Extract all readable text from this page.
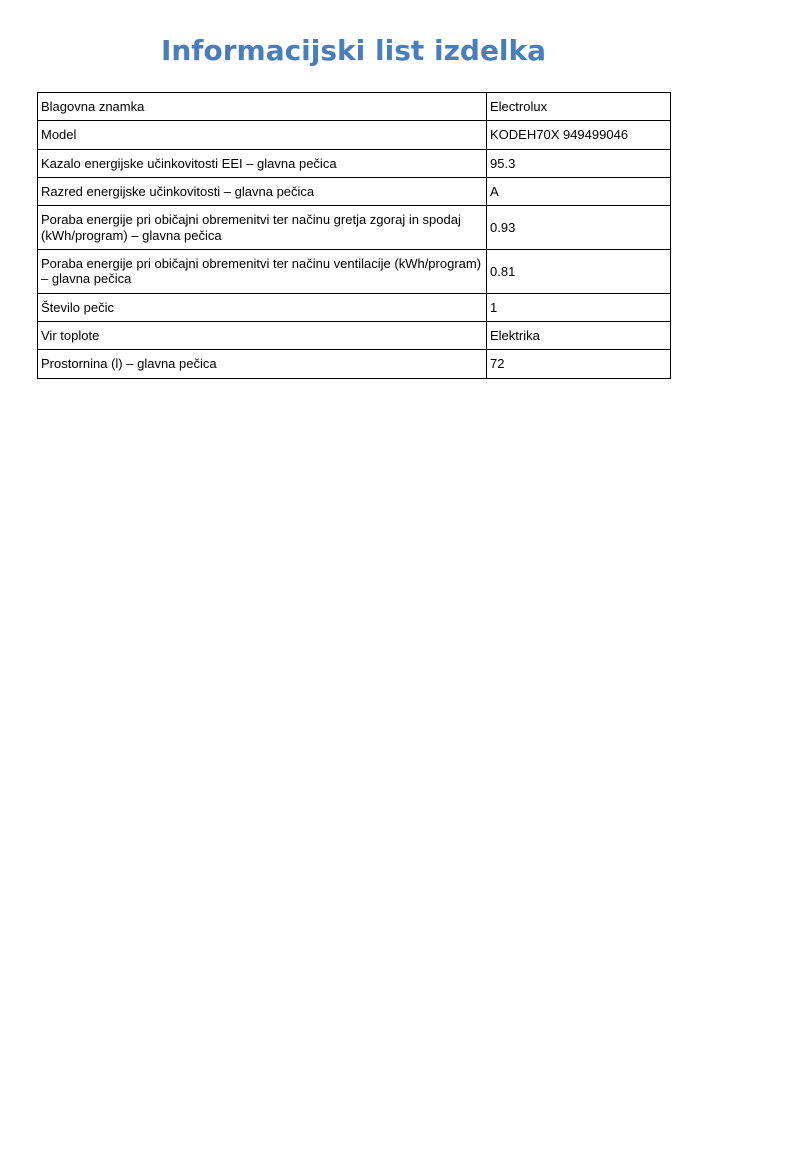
Informacijski list izdelka
Blagovna znamka	Electrolux
Model	KODEH70X 949499046
Kazalo energijske učinkovitosti EEI – glavna pečica	95.3
Razred energijske učinkovitosti – glavna pečica	A
Poraba energije pri običajni obremenitvi ter načinu gretja zgoraj in spodaj (kWh/program) – glavna pečica	0.93
Poraba energije pri običajni obremenitvi ter načinu ventilacije (kWh/program) – glavna pečica	0.81
Število pečic	1
Vir toplote	Elektrika
Prostornina (l) – glavna pečica	72
